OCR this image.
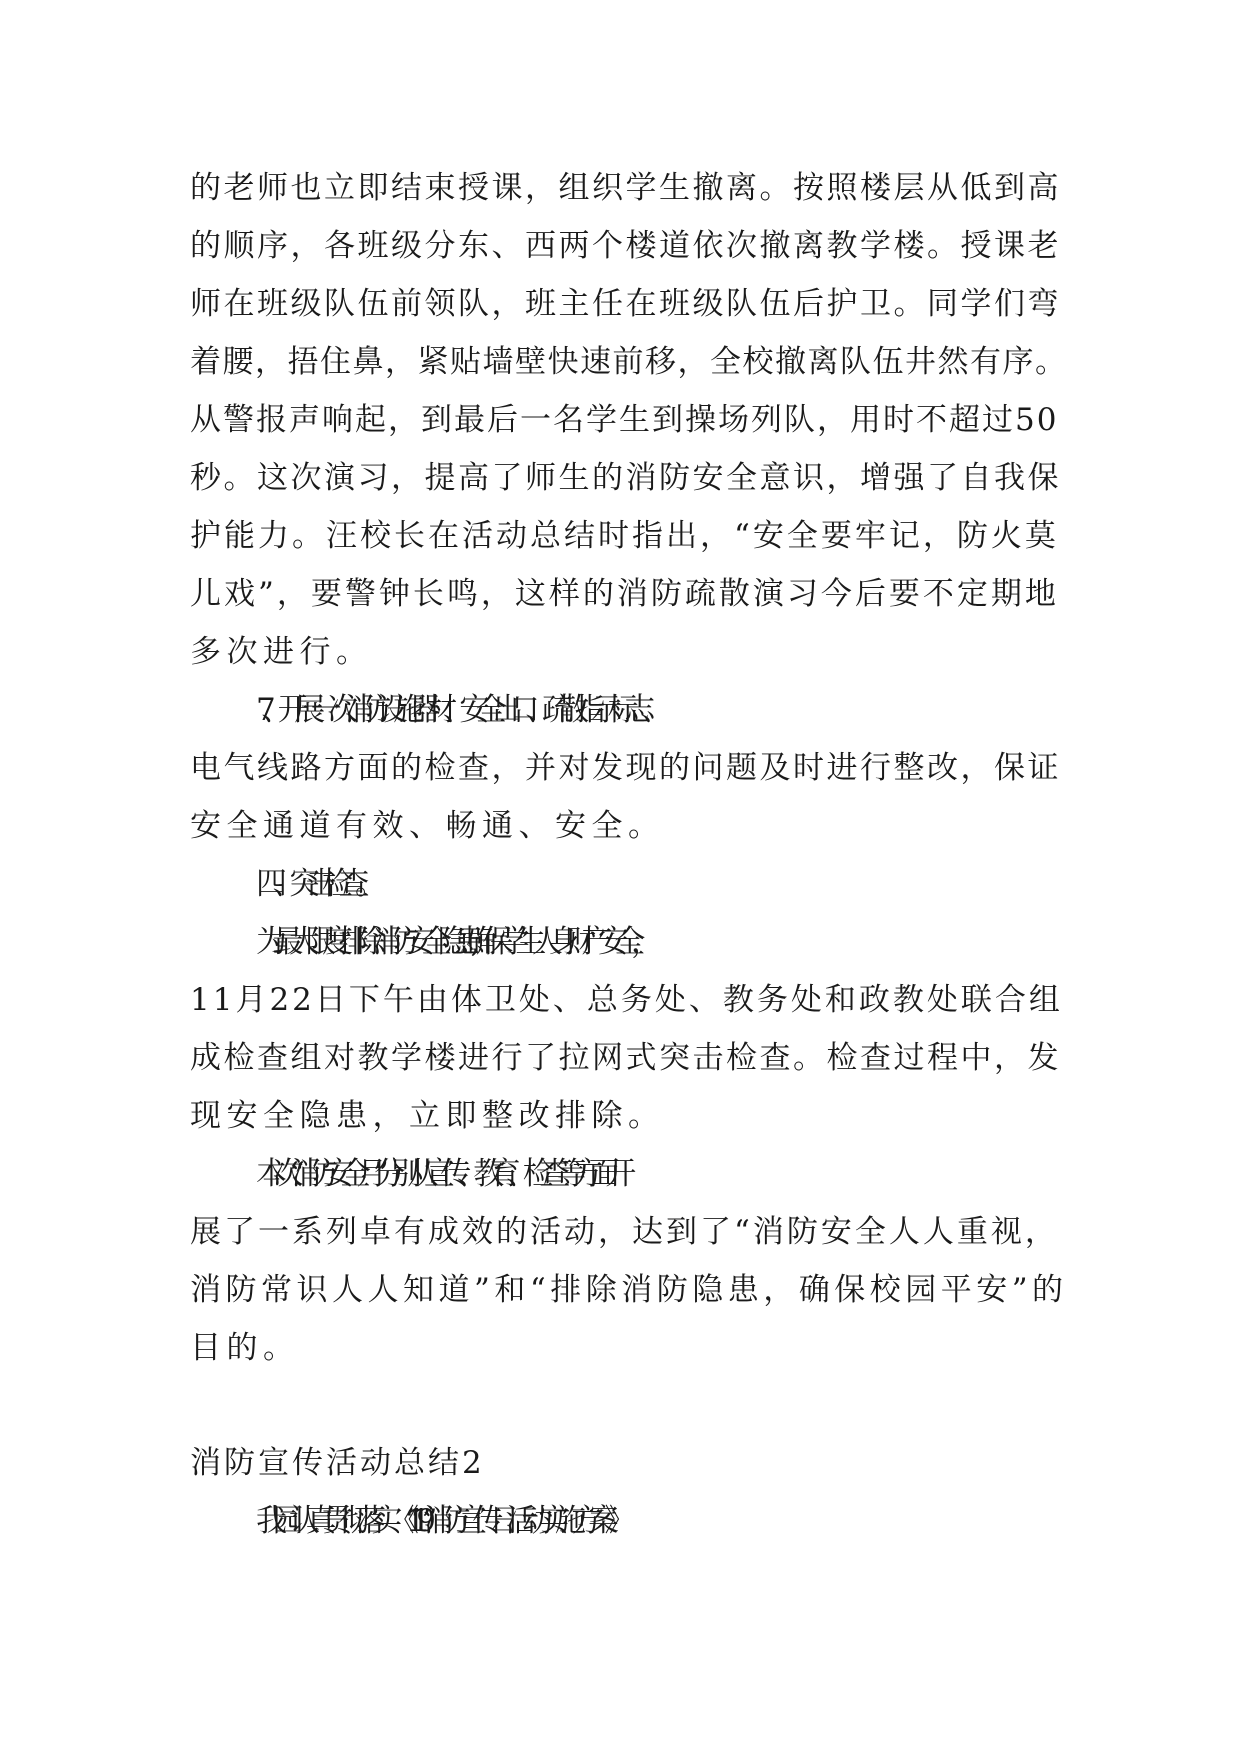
的老师也立即结束授课，组织学生撤离。按照楼层从低到高
的顺序，各班级分东、西两个楼道依次撤离教学楼。授课老
师在班级队伍前领队，班主任在班级队伍后护卫。同学们弯
着腰，捂住鼻，紧贴墙壁快速前移，全校撤离队伍井然有序。
从警报声响起，到最后一名学生到操场列队，用时不超过50
秒。这次演习，提高了师生的消防安全意识，增强了自我保
护能力。汪校长在活动总结时指出，“安全要牢记，防火莫
儿戏”，要警钟长鸣，这样的消防疏散演习今后要不定期地
多次进行。
7、开展一次消防设施器材、安全出口、疏散指示标志、
电气线路方面的检查，并对发现的问题及时进行整改，保证
安全通道有效、畅通、安全。
四、突击检查。
为最大限度排除消防安全隐患,确保学生人身财产安全，
11月22日下午由体卫处、总务处、教务处和政教处联合组
成检查组对教学楼进行了拉网式突击检查。检查过程中，发
现安全隐患，立即整改排除。
本次“消防安全月”分别从宣传、教育、检查等方面开
展了一系列卓有成效的活动，达到了“消防安全人人重视，
消防常识人人知道”和“排除消防隐患，确保校园平安”的
目的。
消防宣传活动总结2
我园认真贯彻落实《“119”消防宣传日活动实施方案》
